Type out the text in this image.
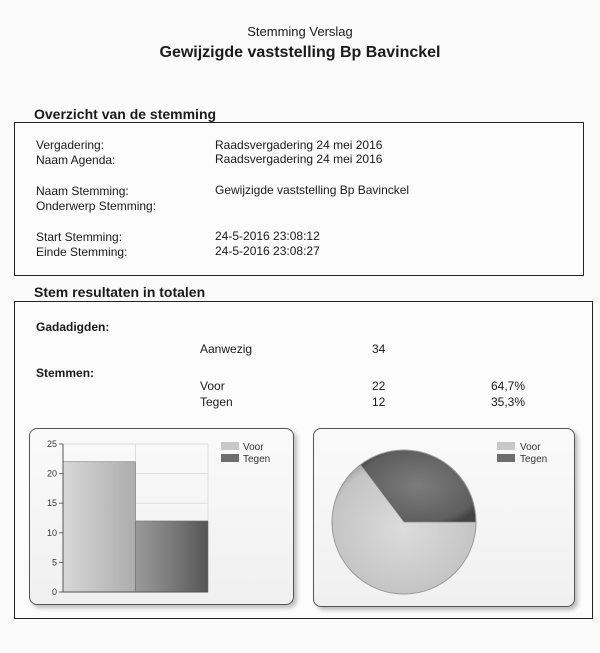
Stemming Verslag
Gewijzigde vaststelling Bp Bavinckel
Overzicht van de stemming
Vergadering:	Raadsvergadering 24 mei 2016
Naam Agenda:	Raadsvergadering 24 mei 2016
Naam Stemming:	Gewijzigde vaststelling Bp Bavinckel
Onderwerp Stemming:
Start Stemming:	24-5-2016 23:08:12
Einde Stemming:	24-5-2016 23:08:27
Stem resultaten in totalen
Gadadigden:
Aanwezig	34
Stemmen:
Voor	22	64,7%
Tegen	12	35,3%
0
5
10
15
20
25	Voor
Tegen
Voor
Tegen
